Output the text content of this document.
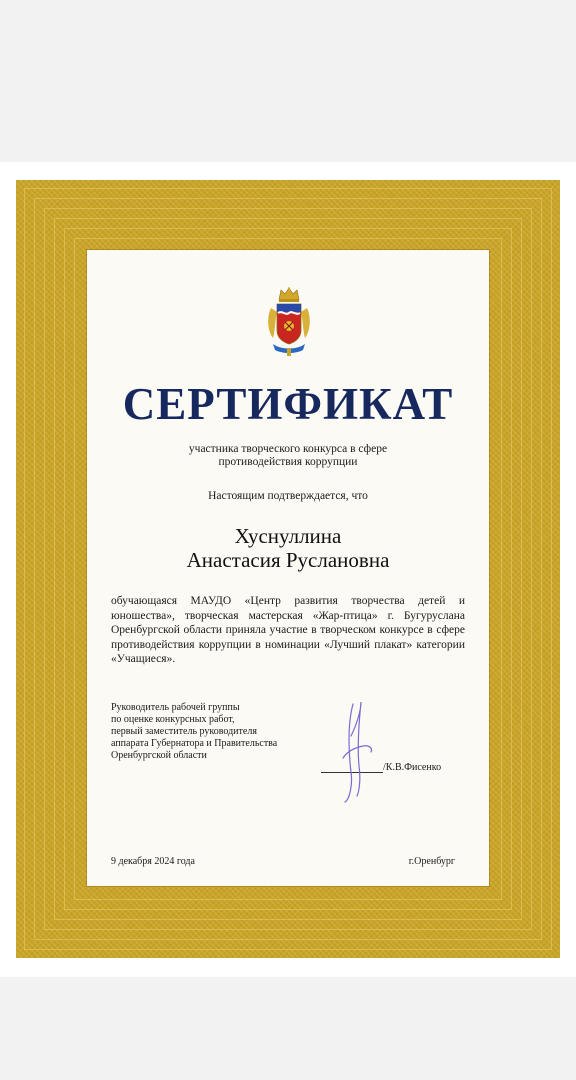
СЕРТИФИКАТ
участника творческого конкурса в сфере
противодействия коррупции
Настоящим подтверждается, что
Хуснуллина
Анастасия Руслановна
обучающаяся МАУДО «Центр развития творчества детей и юношества», творческая мастерская «Жар-птица» г. Бугуруслана Оренбургской области приняла участие в творческом конкурсе в сфере противодействия коррупции в номинации «Лучший плакат» категории «Учащиеся».
Руководитель рабочей группы
по оценке конкурсных работ,
первый заместитель руководителя
аппарата Губернатора и Правительства
Оренбургской области
/К.В.Фисенко
9 декабря 2024 года	г.Оренбург
